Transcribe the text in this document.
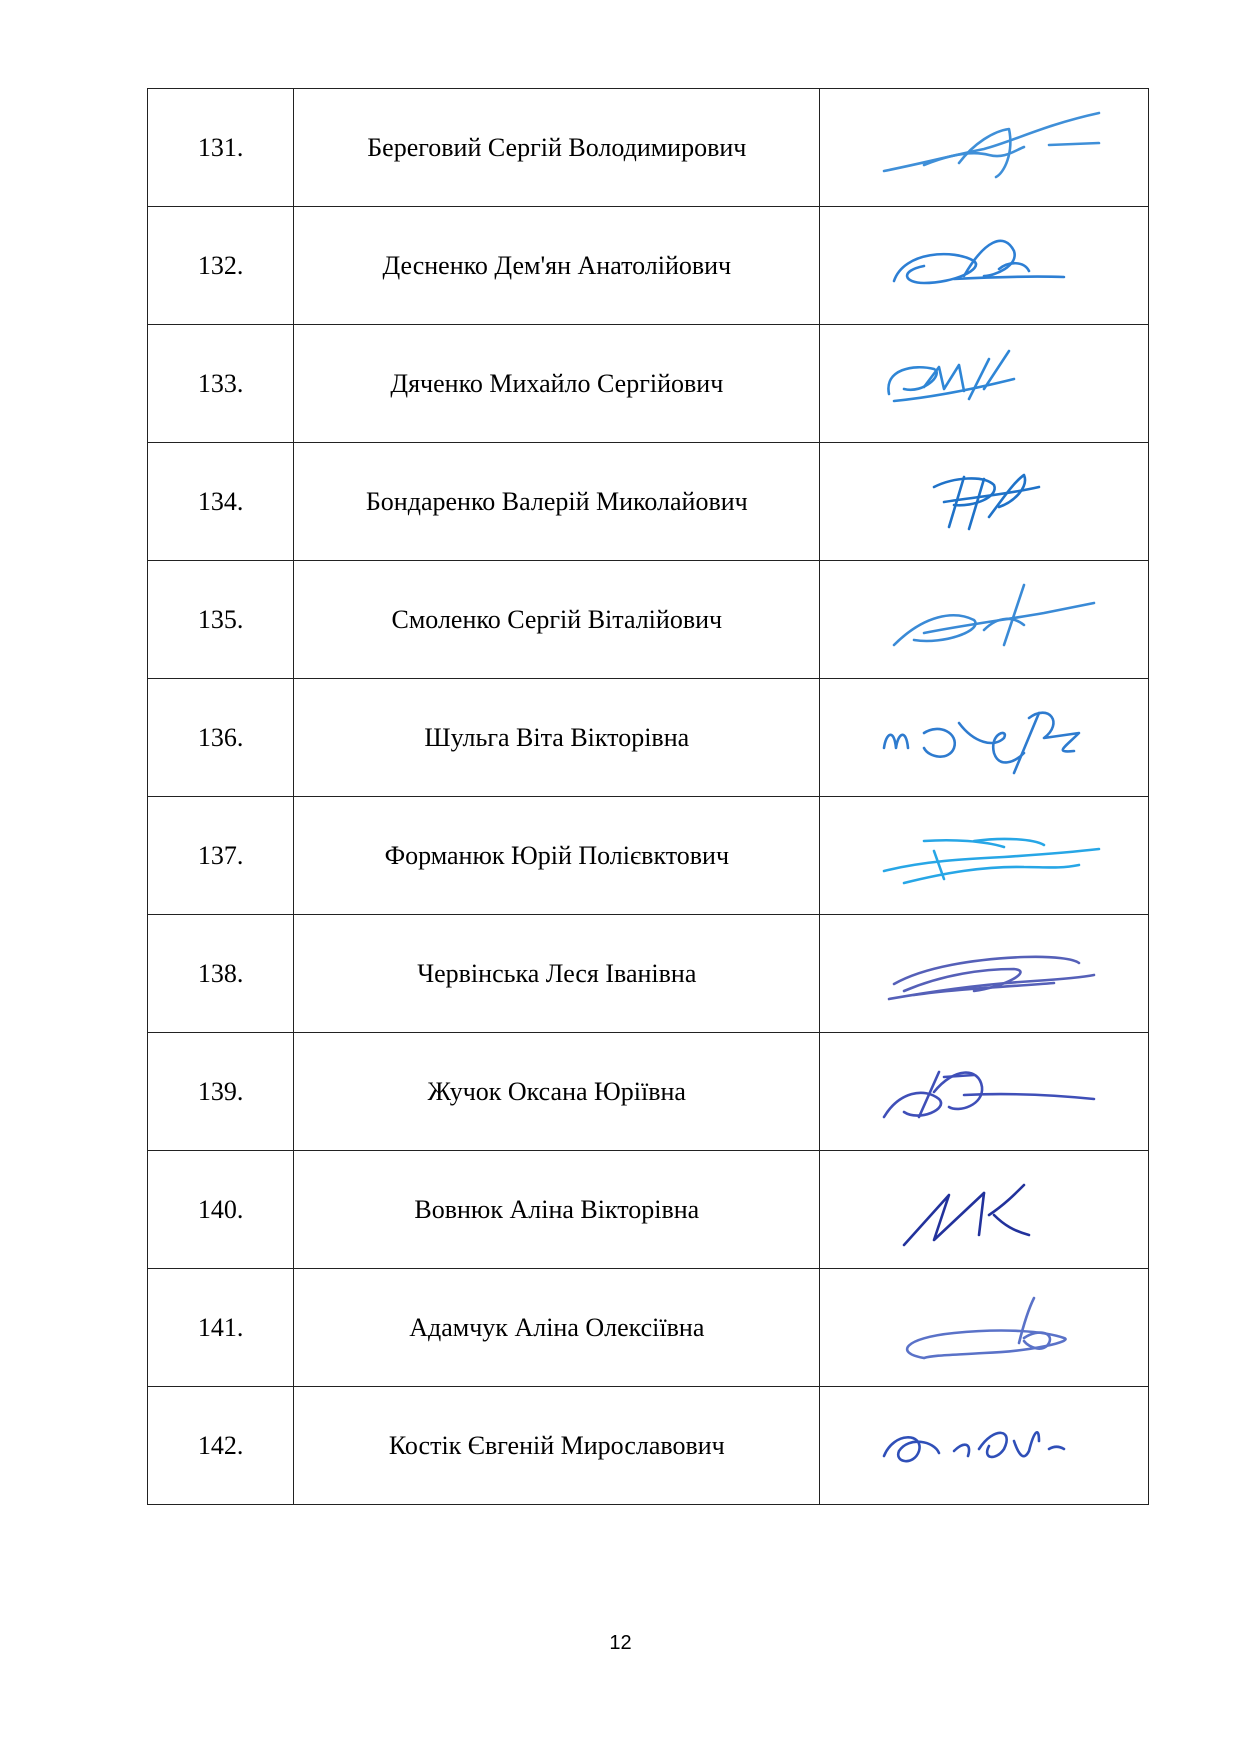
131.	Береговий Сергій Володимирович	

132.	Десненко Дем'ян Анатолійович	

133.	Дяченко Михайло Сергійович	

134.	Бондаренко Валерій Миколайович	

135.	Смоленко Сергій Віталійович	

136.	Шульга Віта Вікторівна	

137.	Форманюк Юрій Полієвктович	

138.	Червінська Леся Іванівна	

139.	Жучок Оксана Юріївна	

140.	Вовнюк Аліна Вікторівна	

141.	Адамчук Аліна Олексіївна	

142.	Костік Євгеній Мирославович	
12
